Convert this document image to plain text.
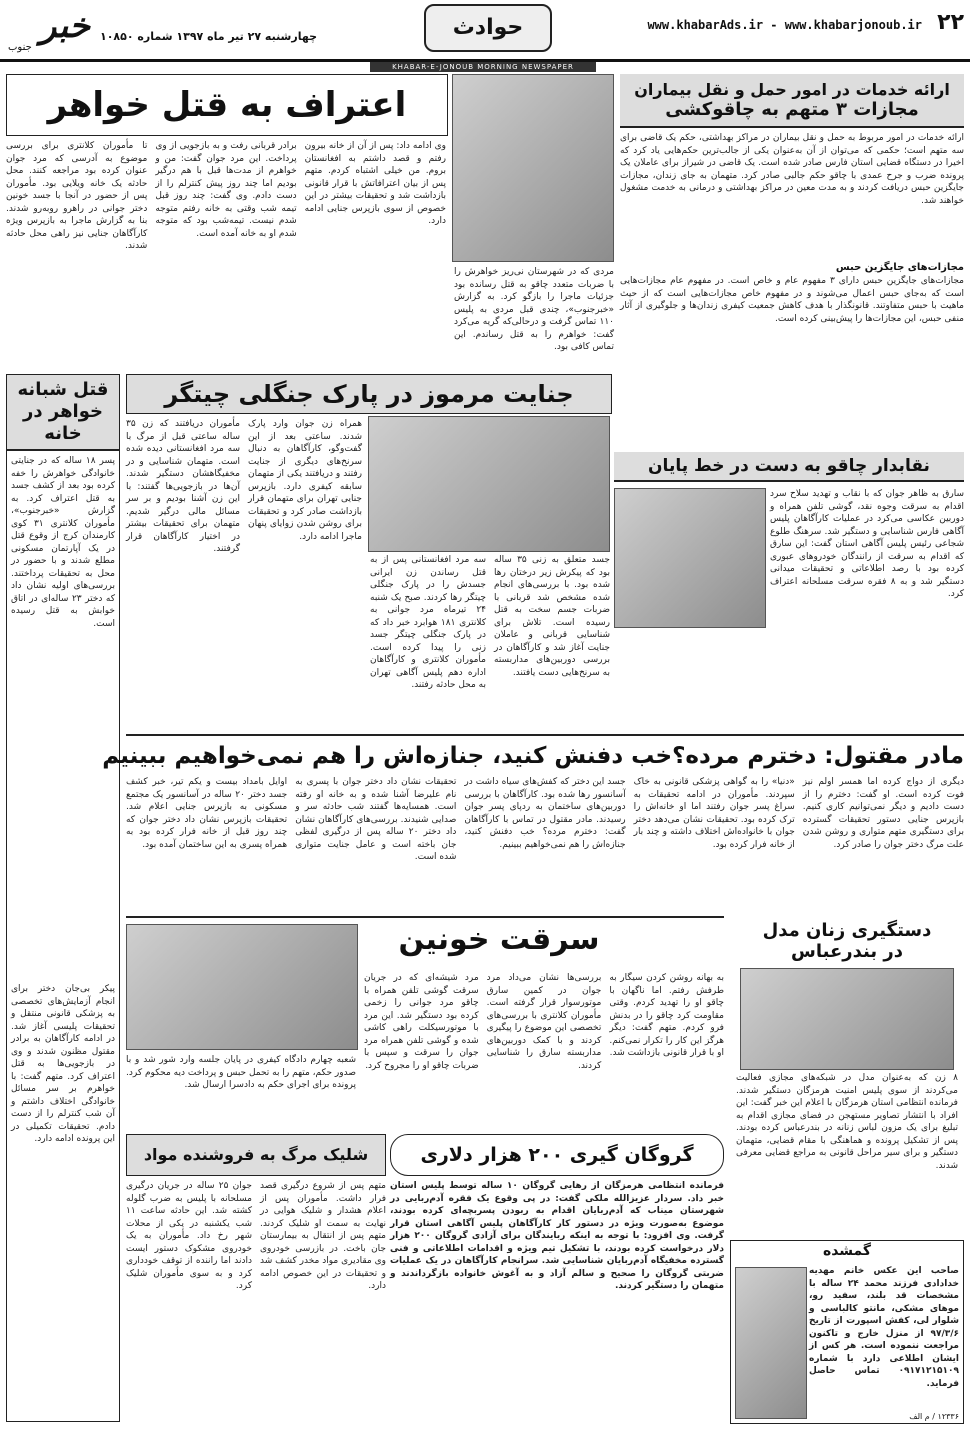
۲۲
www.khabarAds.ir - www.khabarjonoub.ir
حوادث
خبر
جنوب
چهارشنبه ۲۷ تیر ماه ۱۳۹۷ شماره ۱۰۸۵۰
KHABAR-E-JONOUB MORNING NEWSPAPER
اعتراف به قتل خواهر
مردی که در شهرستان نی‌ریز خواهرش را با ضربات متعدد چاقو به قتل رسانده بود جزئیات ماجرا را بازگو کرد. به گزارش «خبرجنوب»، چندی قبل مردی به پلیس ۱۱۰ تماس گرفت و درحالی‌که گریه می‌کرد گفت: خواهرم را به قتل رساندم. این تماس کافی بود.
وی ادامه داد: پس از آن از خانه بیرون رفتم و قصد داشتم به افغانستان بروم. من خیلی اشتباه کردم. متهم پس از بیان اعترافاتش با قرار قانونی بازداشت شد و تحقیقات بیشتر در این خصوص از سوی بازپرس جنایی ادامه دارد.
برادر قربانی رفت و به بازجویی از وی پرداخت. این مرد جوان گفت: من و خواهرم از مدت‌ها قبل با هم درگیر بودیم اما چند روز پیش کنترلم را از دست دادم. وی گفت: چند روز قبل تیمه شب وقتی به خانه رفتم متوجه شدم نیست. تیمه‌شب بود که متوجه شدم او به خانه آمده است.
تا مأموران کلانتری برای بررسی موضوع به آدرسی که مرد جوان عنوان کرده بود مراجعه کنند. محل حادثه یک خانه ویلایی بود. مأموران پس از حضور در آنجا با جسد خونین دختر جوانی در راهرو روبه‌رو شدند. بنا به گزارش ماجرا به بازپرس ویژه کارآگاهان جنایی نیز راهی محل حادثه شدند.
ارائه خدمات در امور حمل و نقل بیماران
مجازات ۳ متهم به چاقوکشی
ارائه خدمات در امور مربوط به حمل و نقل بیماران در مراکز بهداشتی، حکم یک قاضی برای سه متهم است؛ حکمی که می‌توان از آن به‌عنوان یکی از جالب‌ترین حکم‌هایی یاد کرد که اخیرا در دستگاه قضایی استان فارس صادر شده است. یک قاضی در شیراز برای عاملان یک پرونده ضرب و جرح عمدی با چاقو حکم جالبی صادر کرد. متهمان به جای زندان، مجازات جایگزین حبس دریافت کردند و به مدت معین در مراکز بهداشتی و درمانی به خدمت مشغول خواهند شد.
مجازات‌های جایگزین حبس
مجازات‌های جایگزین حبس دارای ۳ مفهوم عام و خاص است. در مفهوم عام مجازات‌هایی است که به‌جای حبس اعمال می‌شوند و در مفهوم خاص مجازات‌هایی است که از حیث ماهیت با حبس متفاوتند. قانونگذار با هدف کاهش جمعیت کیفری زندان‌ها و جلوگیری از آثار منفی حبس، این مجازات‌ها را پیش‌بینی کرده است.
نقابدار چاقو به دست در خط پایان
سارق به ظاهر جوان که با نقاب و تهدید سلاح سرد اقدام به سرقت وجوه نقد، گوشی تلفن همراه و دوربین عکاسی می‌کرد در عملیات کارآگاهان پلیس آگاهی فارس شناسایی و دستگیر شد. سرهنگ طلوع شجاعی رئیس پلیس آگاهی استان گفت: این سارق که اقدام به سرقت از رانندگان خودروهای عبوری کرده بود با رصد اطلاعاتی و تحقیقات میدانی دستگیر شد و به ۸ فقره سرقت مسلحانه اعتراف کرد.
جنایت مرموز در پارک جنگلی چیتگر
همراه زن جوان وارد پارک شدند. ساعتی بعد از این گفت‌وگو، کارآگاهان به دنبال سرنخ‌های دیگری از جنایت رفتند و دریافتند یکی از متهمان سابقه کیفری دارد. بازپرس جنایی تهران برای متهمان قرار بازداشت صادر کرد و تحقیقات برای روشن شدن زوایای پنهان ماجرا ادامه دارد.
مأموران دریافتند که زن ۳۵ ساله ساعتی قبل از مرگ با سه مرد افغانستانی دیده شده است. متهمان شناسایی و در مخفیگاهشان دستگیر شدند. آن‌ها در بازجویی‌ها گفتند: با این زن آشنا بودیم و بر سر مسائل مالی درگیر شدیم. متهمان برای تحقیقات بیشتر در اختیار کارآگاهان قرار گرفتند.
جسد متعلق به زنی ۳۵ ساله بود که پیکرش زیر درختان رها شده بود. با بررسی‌های انجام شده مشخص شد قربانی با ضربات جسم سخت به قتل رسیده است. تلاش برای شناسایی قربانی و عاملان جنایت آغاز شد و کارآگاهان در بررسی دوربین‌های مداربسته به سرنخ‌هایی دست یافتند.
سه مرد افغانستانی پس از به قتل رساندن زن ایرانی جسدش را در پارک جنگلی چیتگر رها کردند. صبح یک شنبه ۲۴ تیرماه مرد جوانی به کلانتری ۱۸۱ هوابرد خبر داد که در پارک جنگلی چیتگر جسد زنی را پیدا کرده است. مأموران کلانتری و کارآگاهان اداره دهم پلیس آگاهی تهران به محل حادثه رفتند.
قتل شبانه خواهر در خانه
پسر ۱۸ ساله که در جنایتی خانوادگی خواهرش را خفه کرده بود بعد از کشف جسد به قتل اعتراف کرد. به گزارش «خبرجنوب»، مأموران کلانتری ۳۱ کوی کارمندان کرج از وقوع قتل در یک آپارتمان مسکونی مطلع شدند و با حضور در محل به تحقیقات پرداختند. بررسی‌های اولیه نشان داد که دختر ۲۳ ساله‌ای در اتاق خوابش به قتل رسیده است.
پیکر بی‌جان دختر برای انجام آزمایش‌های تخصصی به پزشکی قانونی منتقل و تحقیقات پلیسی آغاز شد. در ادامه کارآگاهان به برادر مقتول مظنون شدند و وی در بازجویی‌ها به قتل اعتراف کرد. متهم گفت: با خواهرم بر سر مسائل خانوادگی اختلاف داشتم و آن شب کنترلم را از دست دادم. تحقیقات تکمیلی در این پرونده ادامه دارد.
مادر مقتول: دخترم مرده؟خب دفنش کنید، جنازه‌اش را هم نمی‌خواهیم ببینیم
دیگری از دواج کرده اما همسر اولم نیز فوت کرده است. او گفت: دخترم را از دست دادیم و دیگر نمی‌توانیم کاری کنیم. بازپرس جنایی دستور تحقیقات گسترده برای دستگیری متهم متواری و روشن شدن علت مرگ دختر جوان را صادر کرد.
«دنیا» را به گواهی پزشکی قانونی به خاک سپردند. مأموران در ادامه تحقیقات به سراغ پسر جوان رفتند اما او خانه‌اش را ترک کرده بود. تحقیقات نشان می‌دهد دختر جوان با خانواده‌اش اختلاف داشته و چند بار از خانه فرار کرده بود.
جسد این دختر که کفش‌های سیاه داشت در آسانسور رها شده بود. کارآگاهان با بررسی دوربین‌های ساختمان به ردپای پسر جوان رسیدند. مادر مقتول در تماس با کارآگاهان گفت: دخترم مرده؟ خب دفنش کنید، جنازه‌اش را هم نمی‌خواهیم ببینیم.
تحقیقات نشان داد دختر جوان با پسری به نام علیرضا آشنا شده و به خانه او رفته است. همسایه‌ها گفتند شب حادثه سر و صدایی شنیدند. بررسی‌های کارآگاهان نشان داد دختر ۲۰ ساله پس از درگیری لفظی جان باخته است و عامل جنایت متواری شده است.
اوایل بامداد بیست و یکم تیر، خبر کشف جسد دختر ۲۰ ساله در آسانسور یک مجتمع مسکونی به بازپرس جنایی اعلام شد. تحقیقات بازپرس نشان داد دختر جوان که چند روز قبل از خانه فرار کرده بود به همراه پسری به این ساختمان آمده بود.
سرقت خونین
شعبه چهارم دادگاه کیفری در پایان جلسه وارد شور شد و با صدور حکم، متهم را به تحمل حبس و پرداخت دیه محکوم کرد. پرونده برای اجرای حکم به دادسرا ارسال شد.
به بهانه روشن کردن سیگار به طرفش رفتم. اما ناگهان با چاقو او را تهدید کردم. وقتی مقاومت کرد چاقو را در بدنش فرو کردم. متهم گفت: دیگر هرگز این کار را تکرار نمی‌کنم. او با قرار قانونی بازداشت شد.
بررسی‌ها نشان می‌داد مرد جوان در کمین سارق موتورسوار قرار گرفته است. مأموران کلانتری با بررسی‌های تخصصی این موضوع را پیگیری کردند و با کمک دوربین‌های مداربسته سارق را شناسایی کردند.
مرد شیشه‌ای که در جریان سرقت گوشی تلفن همراه با چاقو مرد جوانی را زخمی کرده بود دستگیر شد. این مرد با موتورسیکلت راهی کاشی شده و گوشی تلفن همراه مرد جوان را سرقت و سپس با ضربات چاقو او را مجروح کرد.
دستگیری زنان مدل در بندرعباس
۸ زن که به‌عنوان مدل در شبکه‌های مجازی فعالیت می‌کردند از سوی پلیس امنیت هرمزگان دستگیر شدند. فرمانده انتظامی استان هرمزگان با اعلام این خبر گفت: این افراد با انتشار تصاویر مستهجن در فضای مجازی اقدام به تبلیغ برای یک مزون لباس زنانه در بندرعباس کرده بودند. پس از تشکیل پرونده و هماهنگی با مقام قضایی، متهمان دستگیر و برای سیر مراحل قانونی به مراجع قضایی معرفی شدند.
شلیک مرگ به فروشنده مواد
متهم پس از شروع درگیری قصد فرار داشت. مأموران پس از اعلام هشدار و شلیک هوایی در نهایت به سمت او شلیک کردند. متهم پس از انتقال به بیمارستان جان باخت. در بازرسی خودروی وی مقادیری مواد مخدر کشف شد و تحقیقات در این خصوص ادامه دارد.
جوان ۲۵ ساله در جریان درگیری مسلحانه با پلیس به ضرب گلوله کشته شد. این حادثه ساعت ۱۱ شب یکشنبه در یکی از محلات شهر رخ داد. مأموران به یک خودروی مشکوک دستور ایست دادند اما راننده از توقف خودداری کرد و به سوی مأموران شلیک کرد.
گروگان گیری ۲۰۰ هزار دلاری
فرمانده انتظامی هرمزگان از رهایی گروگان ۱۰ ساله توسط پلیس استان خبر داد. سردار عزیزالله ملکی گفت: در پی وقوع یک فقره آدم‌ربایی در شهرستان میناب که آدم‌ربایان اقدام به ربودن پسربچه‌ای کرده بودند، موضوع به‌صورت ویژه در دستور کار کارآگاهان پلیس آگاهی استان قرار گرفت. وی افزود: با توجه به اینکه ربایندگان برای آزادی گروگان ۲۰۰ هزار دلار درخواست کرده بودند، با تشکیل تیم ویژه و اقدامات اطلاعاتی و فنی گسترده مخفیگاه آدم‌ربایان شناسایی شد. سرانجام کارآگاهان در یک عملیات ضربتی گروگان را صحیح و سالم آزاد و به آغوش خانواده بازگرداندند و متهمان را دستگیر کردند.
گمشده
صاحب این عکس خانم مهدیه خدادادی فرزند محمد ۲۴ ساله با مشخصات قد بلند، سفید رو، موهای مشکی، مانتو کالباسی و شلوار لی، کفش اسپورت از تاریخ ۹۷/۳/۶ از منزل خارج و تاکنون مراجعت ننموده است. هر کس از ایشان اطلاعی دارد با شماره ۰۹۱۷۱۲۱۵۱۰۹ تماس حاصل فرماید.
۱۲۳۳۶ / م الف
